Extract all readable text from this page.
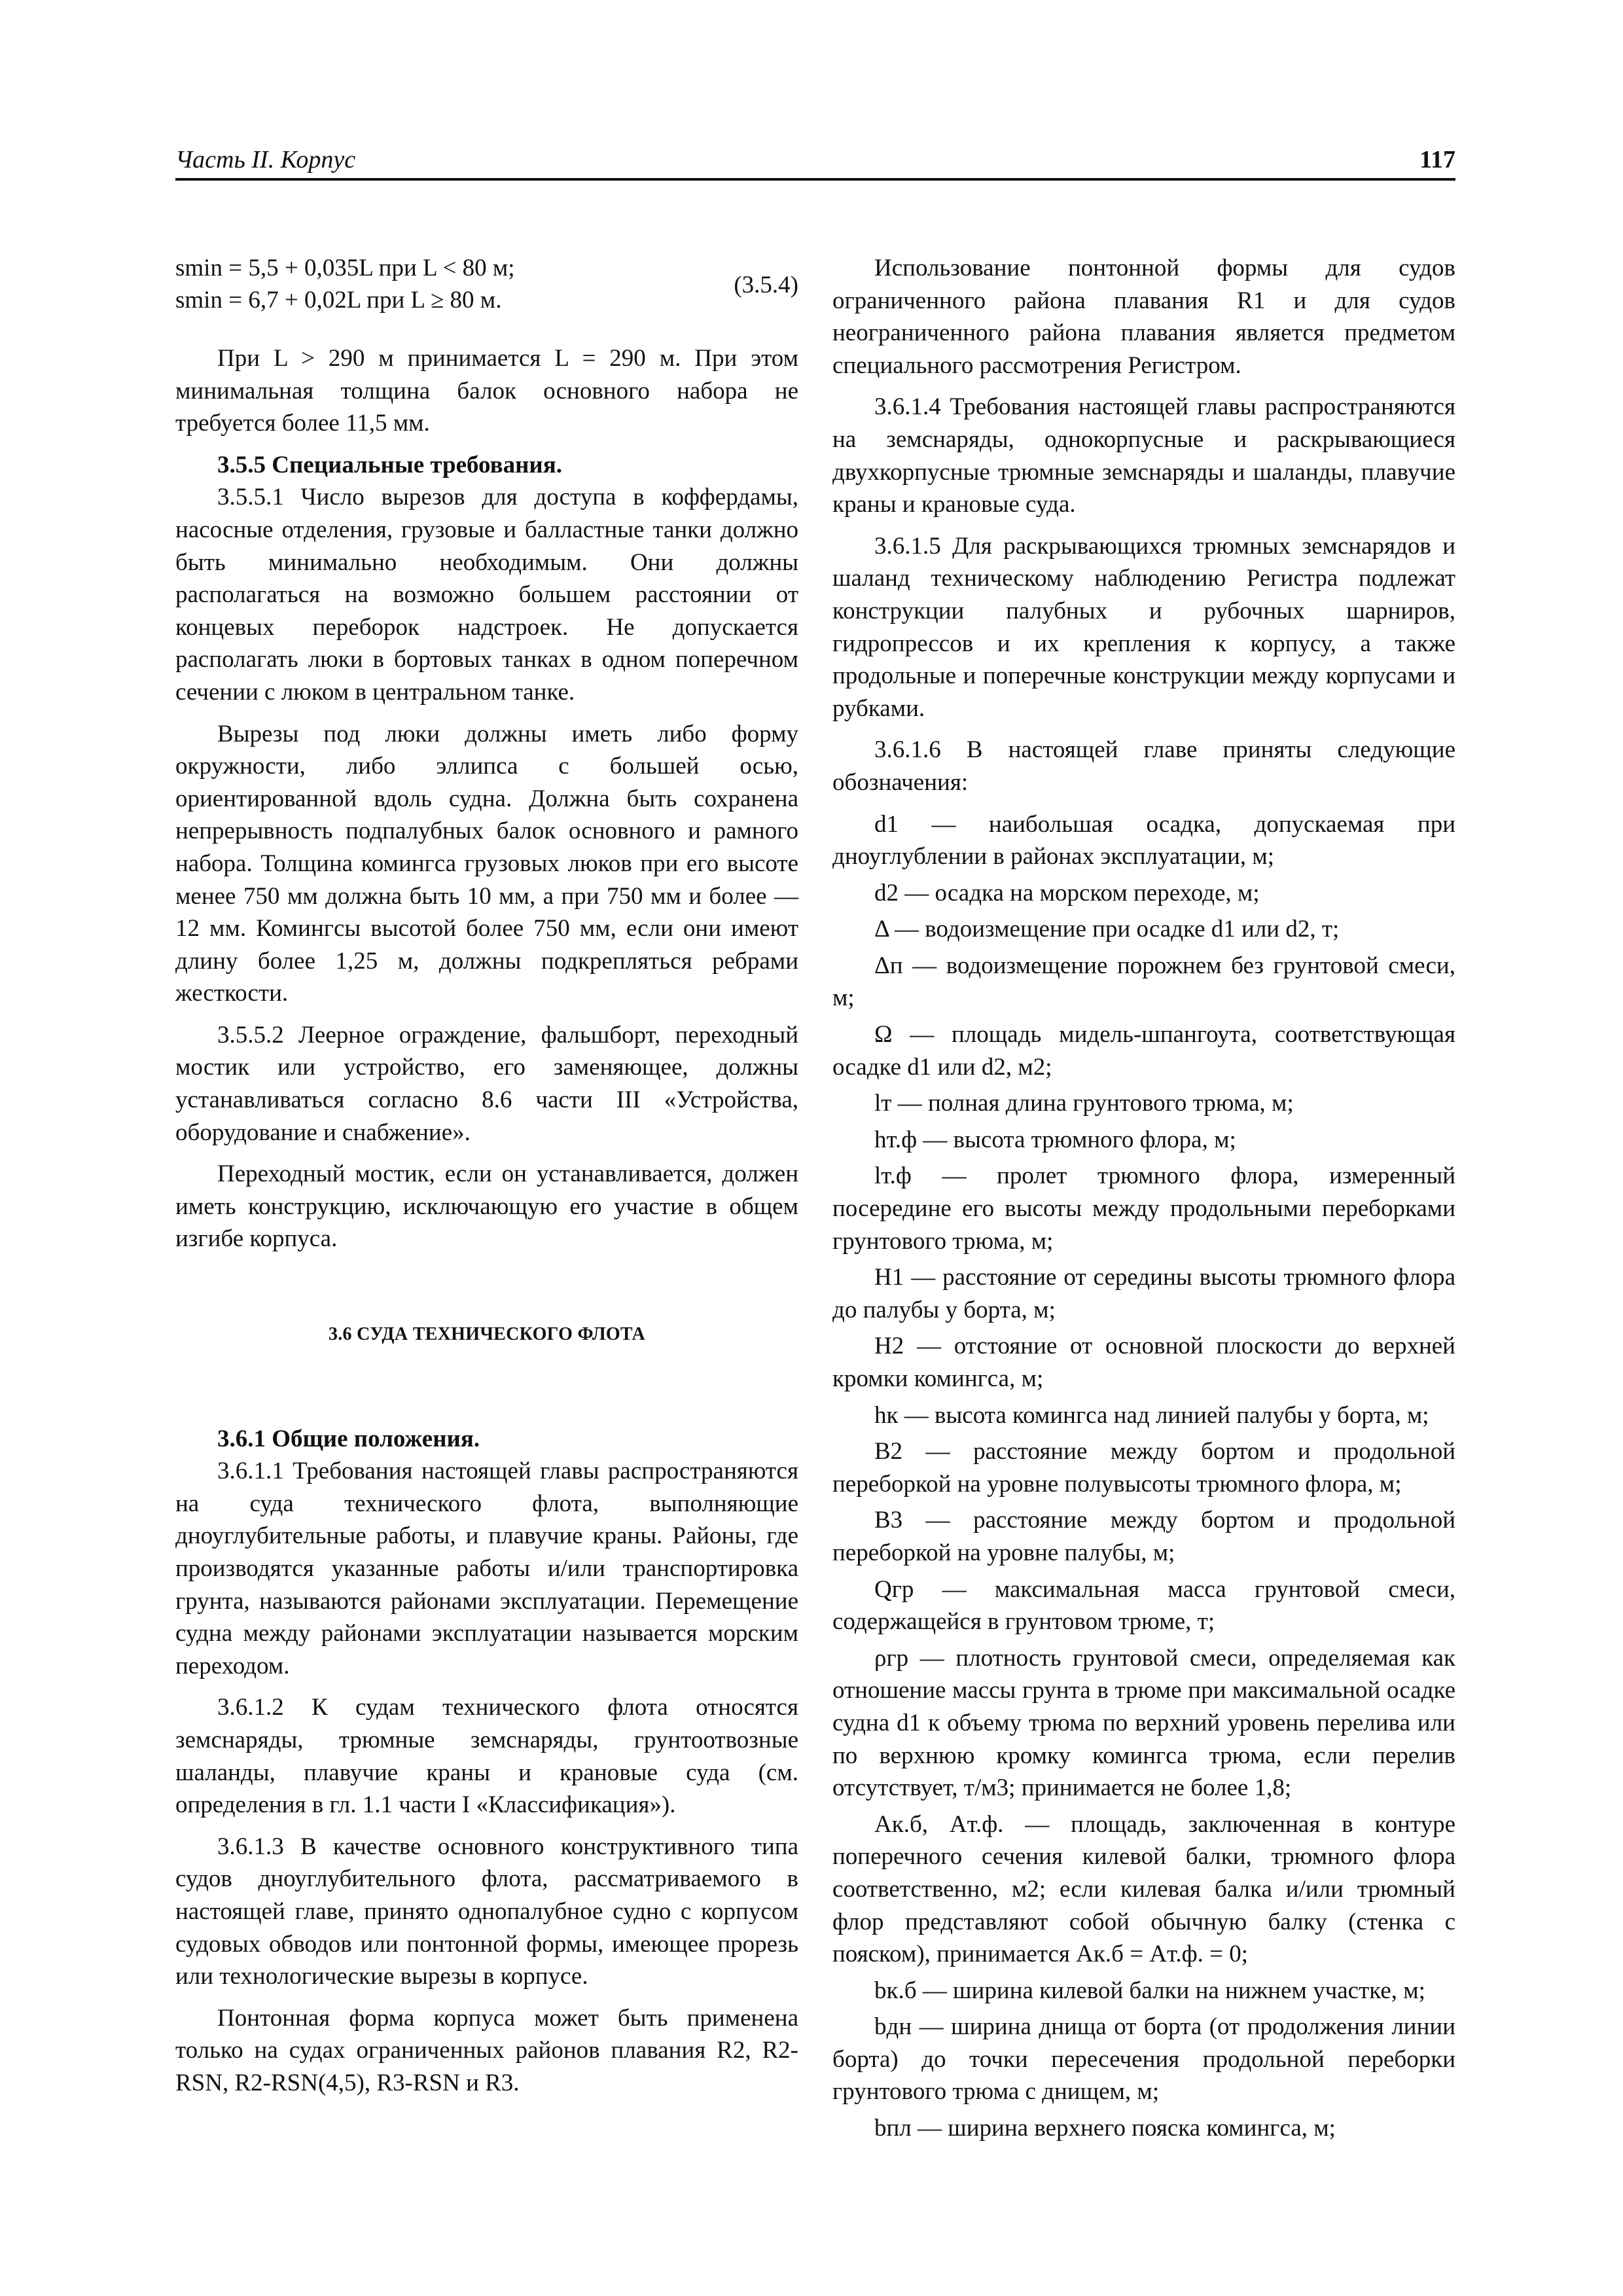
Часть II. Корпус	117
smin = 5,5 + 0,035L при L < 80 м;
smin = 6,7 + 0,02L при L ≥ 80 м.
(3.5.4)

При L > 290 м принимается L = 290 м. При этом минимальная толщина балок основного набора не требуется более 11,5 мм.

3.5.5 Специальные требования.

3.5.5.1 Число вырезов для доступа в коффердамы, насосные отделения, грузовые и балластные танки должно быть минимально необходимым. Они должны располагаться на возможно большем расстоянии от концевых переборок надстроек. Не допускается располагать люки в бортовых танках в одном поперечном сечении с люком в центральном танке.

Вырезы под люки должны иметь либо форму окружности, либо эллипса с большей осью, ориентированной вдоль судна. Должна быть сохранена непрерывность подпалубных балок основного и рамного набора. Толщина комингса грузовых люков при его высоте менее 750 мм должна быть 10 мм, а при 750 мм и более — 12 мм. Комингсы высотой более 750 мм, если они имеют длину более 1,25 м, должны подкрепляться ребрами жесткости.

3.5.5.2 Леерное ограждение, фальшборт, переходный мостик или устройство, его заменяющее, должны устанавливаться согласно 8.6 части III «Устройства, оборудование и снабжение».

Переходный мостик, если он устанавливается, должен иметь конструкцию, исключающую его участие в общем изгибе корпуса.

3.6 СУДА ТЕХНИЧЕСКОГО ФЛОТА

3.6.1 Общие положения.

3.6.1.1 Требования настоящей главы распространяются на суда технического флота, выполняющие дноуглубительные работы, и плавучие краны. Районы, где производятся указанные работы и/или транспортировка грунта, называются районами эксплуатации. Перемещение судна между районами эксплуатации называется морским переходом.

3.6.1.2 К судам технического флота относятся земснаряды, трюмные земснаряды, грунтоотвозные шаланды, плавучие краны и крановые суда (см. определения в гл. 1.1 части I «Классификация»).

3.6.1.3 В качестве основного конструктивного типа судов дноуглубительного флота, рассматриваемого в настоящей главе, принято однопалубное судно с корпусом судовых обводов или понтонной формы, имеющее прорезь или технологические вырезы в корпусе.

Понтонная форма корпуса может быть применена только на судах ограниченных районов плавания R2, R2-RSN, R2-RSN(4,5), R3-RSN и R3.

Использование понтонной формы для судов ограниченного района плавания R1 и для судов неограниченного района плавания является предметом специального рассмотрения Регистром.

3.6.1.4 Требования настоящей главы распространяются на земснаряды, однокорпусные и раскрывающиеся двухкорпусные трюмные земснаряды и шаланды, плавучие краны и крановые суда.

3.6.1.5 Для раскрывающихся трюмных земснарядов и шаланд техническому наблюдению Регистра подлежат конструкции палубных и рубочных шарниров, гидропрессов и их крепления к корпусу, а также продольные и поперечные конструкции между корпусами и рубками.

3.6.1.6 В настоящей главе приняты следующие обозначения:

d1 — наибольшая осадка, допускаемая при дноуглублении в районах эксплуатации, м;

d2 — осадка на морском переходе, м;

Δ — водоизмещение при осадке d1 или d2, т;

Δп — водоизмещение порожнем без грунтовой смеси, м;

Ω — площадь мидель-шпангоута, соответствующая осадке d1 или d2, м2;

lт — полная длина грунтового трюма, м;

hт.ф — высота трюмного флора, м;

lт.ф — пролет трюмного флора, измеренный посередине его высоты между продольными переборками грунтового трюма, м;

H1 — расстояние от середины высоты трюмного флора до палубы у борта, м;

H2 — отстояние от основной плоскости до верхней кромки комингса, м;

hк — высота комингса над линией палубы у борта, м;

B2 — расстояние между бортом и продольной переборкой на уровне полувысоты трюмного флора, м;

B3 — расстояние между бортом и продольной переборкой на уровне палубы, м;

Qгр — максимальная масса грунтовой смеси, содержащейся в грунтовом трюме, т;

ρгр — плотность грунтовой смеси, определяемая как отношение массы грунта в трюме при максимальной осадке судна d1 к объему трюма по верхний уровень перелива или по верхнюю кромку комингса трюма, если перелив отсутствует, т/м3; принимается не более 1,8;

Aк.б, Aт.ф. — площадь, заключенная в контуре поперечного сечения килевой балки, трюмного флора соответственно, м2; если килевая балка и/или трюмный флор представляют собой обычную балку (стенка с пояском), принимается Aк.б = Aт.ф. = 0;

bк.б — ширина килевой балки на нижнем участке, м;

bдн — ширина днища от борта (от продолжения линии борта) до точки пересечения продольной переборки грунтового трюма с днищем, м;

bпл — ширина верхнего пояска комингса, м;
